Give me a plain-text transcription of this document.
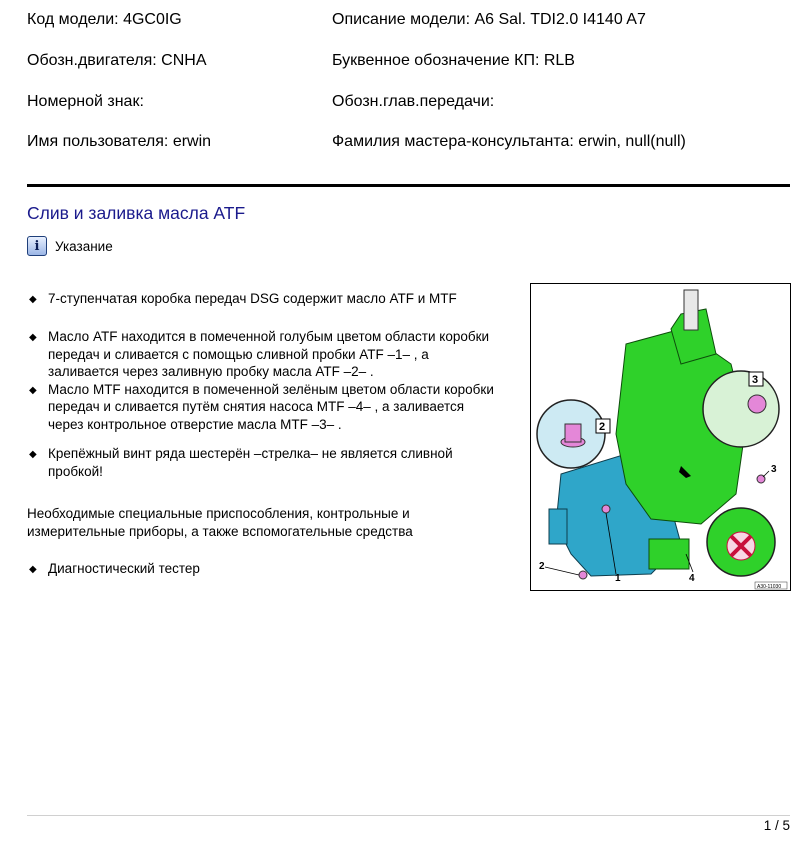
Код модели: 4GC0IG	Описание модели: A6 Sal. TDI2.0 I4140 A7
Обозн.двигателя: CNHA	Буквенное обозначение КП: RLB
Номерной знак:	Обозн.глав.передачи:
Имя пользователя: erwin	Фамилия мастера-консультанта: erwin, null(null)
Слив и заливка масла ATF
i	Указание

◆ 7-ступенчатая коробка передач DSG содержит масло ATF и MTF

◆ Масло ATF находится в помеченной голубым цветом области коробки передач и сливается с помощью сливной пробки ATF –1– , а заливается через заливную пробку масла ATF –2– .

◆ Масло MTF находится в помеченной зелёным цветом области коробки передач и сливается путём снятия насоса MTF –4– , а заливается через контрольное отверстие масла MTF –3– .

◆ Крепёжный винт ряда шестерён –стрелка– не является сливной пробкой!

Необходимые специальные приспособления, контрольные и измерительные приборы, а также вспомогательные средства

◆ Диагностический тестер

2
3
1
2
3
4
A30-11030
1 / 5
